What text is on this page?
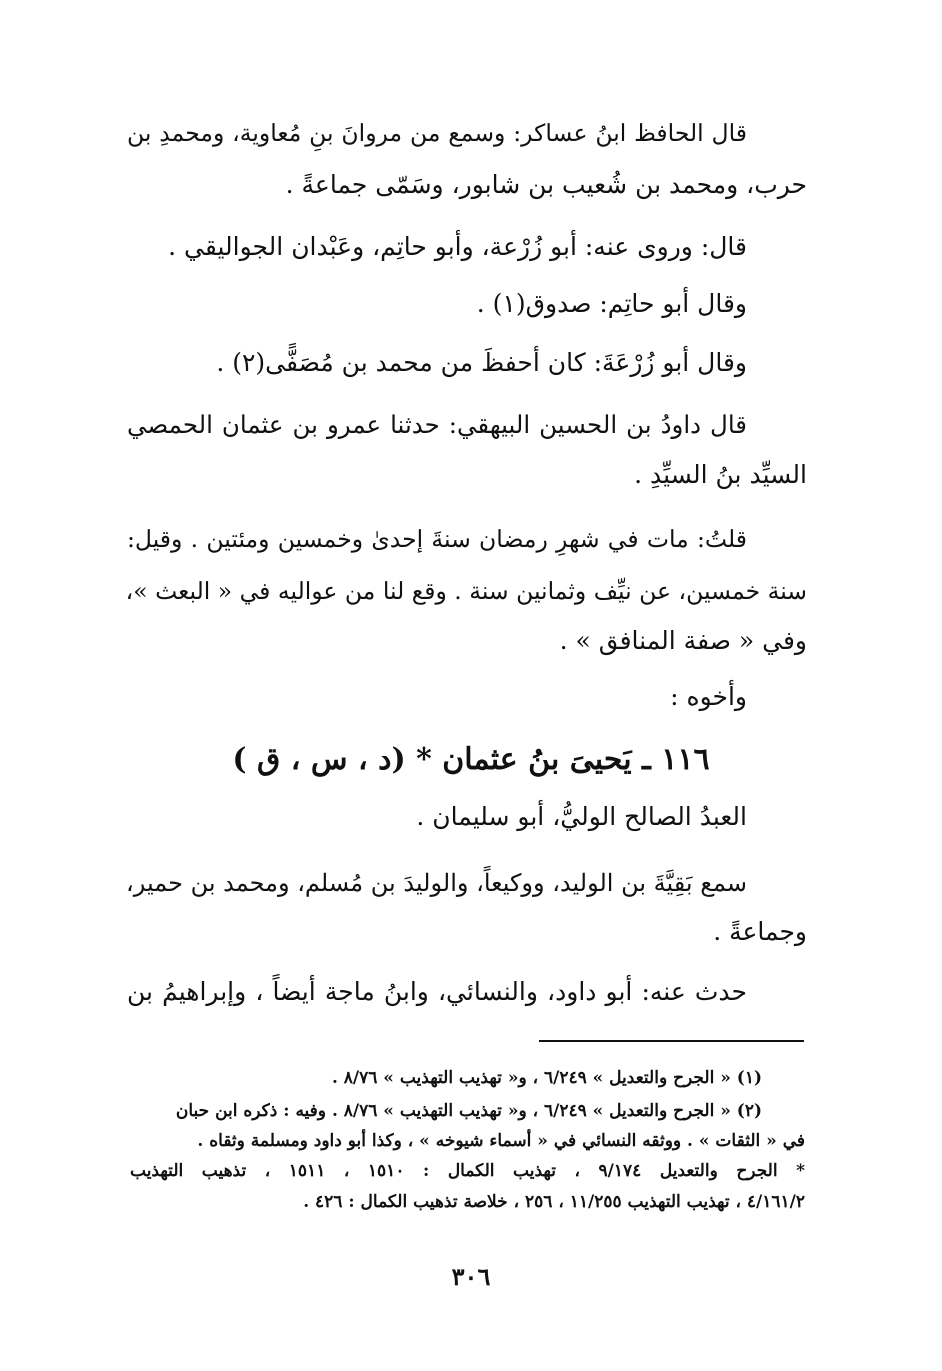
قال الحافظ ابنُ عساكر: وسمع من مروانَ بنِ مُعاوية، ومحمدِ بن
حرب، ومحمد بن شُعيب بن شابور، وسَمّى جماعةً .
قال: وروى عنه: أبو زُرْعة، وأبو حاتِم، وعَبْدان الجواليقي .
وقال أبو حاتِم: صدوق(١) .
وقال أبو زُرْعَةَ: كان أحفظَ من محمد بن مُصَفًّى(٢) .
قال داودُ بن الحسين البيهقي: حدثنا عمرو بن عثمان الحمصي
السيِّد بنُ السيِّدِ .
قلتُ: مات في شهرِ رمضان سنةَ إحدىٰ وخمسين ومئتين . وقيل:
سنة خمسين، عن نيِّف وثمانين سنة . وقع لنا من عواليه في « البعث »،
وفي « صفة المنافق » .
وأخوه :
١١٦ ـ يَحيىَ بنُ عثمان * (د ، س ، ق )
العبدُ الصالح الوليُّ، أبو سليمان .
سمع بَقِيَّةَ بن الوليد، ووكيعاً، والوليدَ بن مُسلم، ومحمد بن حمير،
وجماعةً .
حدث عنه: أبو داود، والنسائي، وابنُ ماجة أيضاً ، وإبراهيمُ بن
(١) « الجرح والتعديل » ٦/٢٤٩ ، و« تهذيب التهذيب » ٨/٧٦ .
(٢) « الجرح والتعديل » ٦/٢٤٩ ، و« تهذيب التهذيب » ٨/٧٦ . وفيه : ذكره ابن حبان
في « الثقات » . ووثقه النسائي في « أسماء شيوخه » ، وكذا أبو داود ومسلمة وثقاه .
* الجرح والتعديل ٩/١٧٤ ، تهذيب الكمال : ١٥١٠ ، ١٥١١ ، تذهيب التهذيب
٤/١٦١/٢ ، تهذيب التهذيب ١١/٢٥٥ ، ٢٥٦ ، خلاصة تذهيب الكمال : ٤٢٦ .
٣٠٦
